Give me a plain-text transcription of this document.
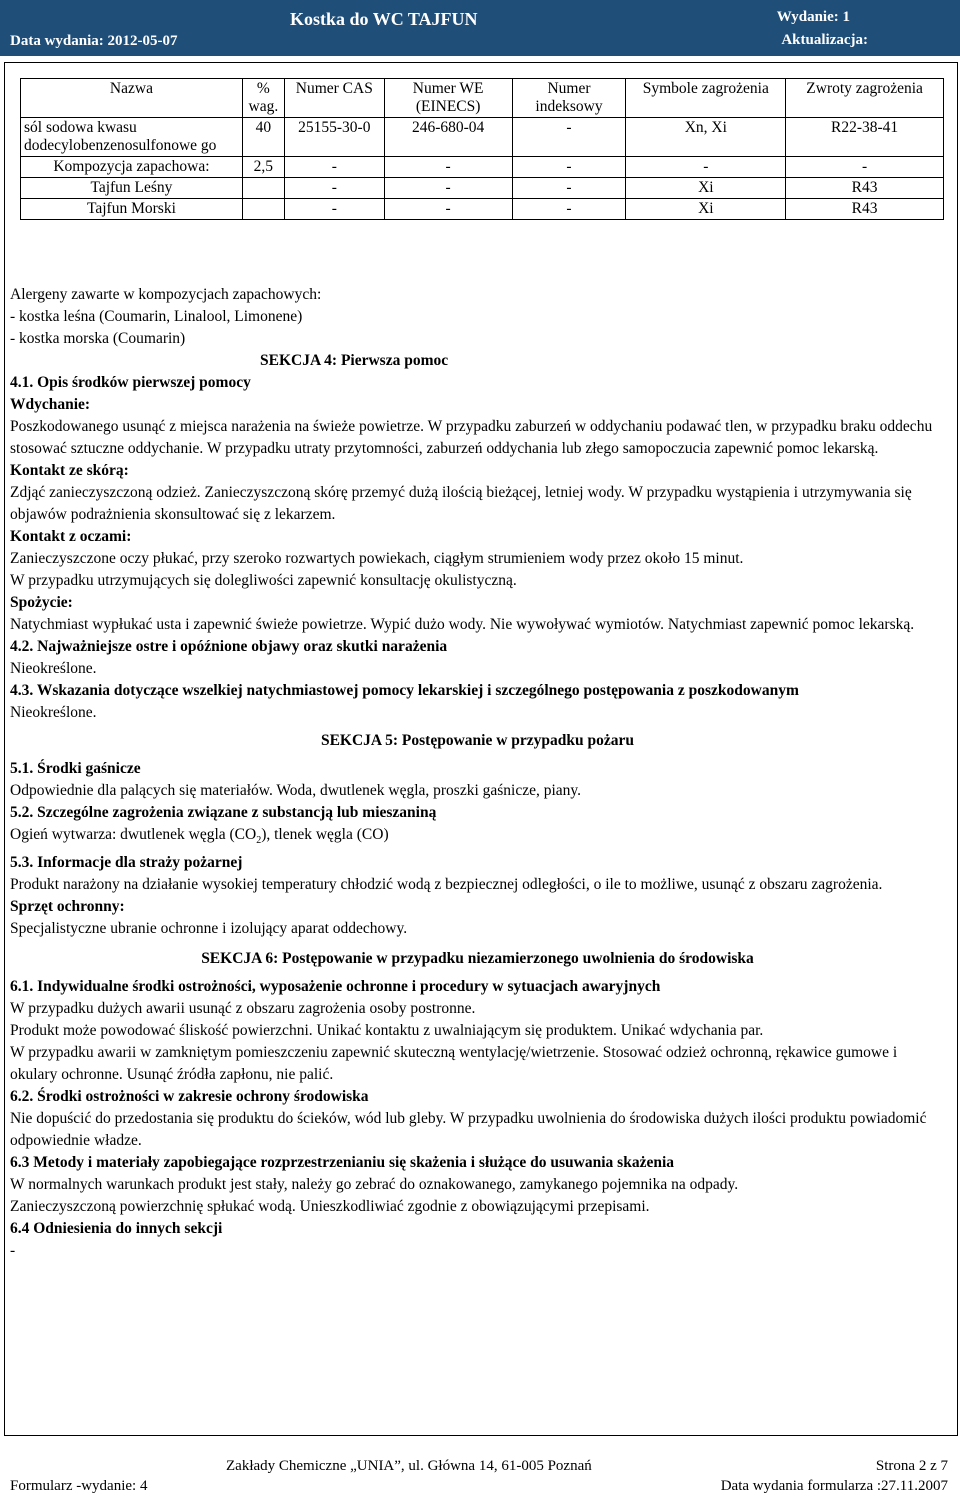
Data wydania: 2012-05-07
Kostka do WC TAJFUN	Wydanie: 1
Aktualizacja:
Nazwa	% wag.	Numer CAS	Numer WE (EINECS)	Numer indeksowy	Symbole zagrożenia	Zwroty zagrożenia
sól sodowa kwasu dodecylobenzenosulfonowe go	40	25155-30-0	246-680-04	-	Xn, Xi	R22-38-41
Kompozycja zapachowa:	2,5	-	-	-	-	-
Tajfun Leśny		-	-	-	Xi	R43
Tajfun Morski		-	-	-	Xi	R43

Alergeny zawarte w kompozycjach zapachowych:

- kostka leśna (Coumarin, Linalool, Limonene)

- kostka morska (Coumarin)

SEKCJA 4: Pierwsza pomoc

4.1. Opis środków pierwszej pomocy

Wdychanie:

Poszkodowanego usunąć z miejsca narażenia na świeże powietrze. W przypadku zaburzeń w oddychaniu podawać tlen, w przypadku braku oddechu stosować sztuczne oddychanie. W przypadku utraty przytomności, zaburzeń oddychania lub złego samopoczucia zapewnić pomoc lekarską.

Kontakt ze skórą:

Zdjąć zanieczyszczoną odzież. Zanieczyszczoną skórę przemyć dużą ilością bieżącej, letniej wody. W przypadku wystąpienia i utrzymywania się objawów podrażnienia skonsultować się z lekarzem.

Kontakt z oczami:

Zanieczyszczone oczy płukać, przy szeroko rozwartych powiekach, ciągłym strumieniem wody przez około 15 minut.

W przypadku utrzymujących się dolegliwości zapewnić konsultację okulistyczną.

Spożycie:

Natychmiast wypłukać usta i zapewnić świeże powietrze. Wypić dużo wody. Nie wywoływać wymiotów. Natychmiast zapewnić pomoc lekarską.

4.2. Najważniejsze ostre i opóźnione objawy oraz skutki narażenia

Nieokreślone.

4.3. Wskazania dotyczące wszelkiej natychmiastowej pomocy lekarskiej i szczególnego postępowania z poszkodowanym

Nieokreślone.

SEKCJA 5: Postępowanie w przypadku pożaru

5.1. Środki gaśnicze

Odpowiednie dla palących się materiałów. Woda, dwutlenek węgla, proszki gaśnicze, piany.

5.2. Szczególne zagrożenia związane z substancją lub mieszaniną

Ogień wytwarza: dwutlenek węgla $(CO_2)$, tlenek węgla (CO)

5.3. Informacje dla straży pożarnej

Produkt narażony na działanie wysokiej temperatury chłodzić wodą z bezpiecznej odległości, o ile to możliwe, usunąć z obszaru zagrożenia.

Sprzęt ochronny:

Specjalistyczne ubranie ochronne i izolujący aparat oddechowy.

SEKCJA 6: Postępowanie w przypadku niezamierzonego uwolnienia do środowiska

6.1. Indywidualne środki ostrożności, wyposażenie ochronne i procedury w sytuacjach awaryjnych

W przypadku dużych awarii usunąć z obszaru zagrożenia osoby postronne.

Produkt może powodować śliskość powierzchni. Unikać kontaktu z uwalniającym się produktem. Unikać wdychania par.

W przypadku awarii w zamkniętym pomieszczeniu zapewnić skuteczną wentylację/wietrzenie. Stosować odzież ochronną, rękawice gumowe i okulary ochronne. Usunąć źródła zapłonu, nie palić.

6.2. Środki ostrożności w zakresie ochrony środowiska

Nie dopuścić do przedostania się produktu do ścieków, wód lub gleby. W przypadku uwolnienia do środowiska dużych ilości produktu powiadomić odpowiednie władze.

6.3 Metody i materiały zapobiegające rozprzestrzenianiu się skażenia i służące do usuwania skażenia

W normalnych warunkach produkt jest stały, należy go zebrać do oznakowanego, zamykanego pojemnika na odpady.

Zanieczyszczoną powierzchnię spłukać wodą. Unieszkodliwiać zgodnie z obowiązującymi przepisami.

6.4 Odniesienia do innych sekcji

-

Zakłady Chemiczne „UNIA”, ul. Główna 14, 61-005 Poznań	Strona 2 z 7
Formularz -wydanie: 4	Data wydania formularza :27.11.2007
